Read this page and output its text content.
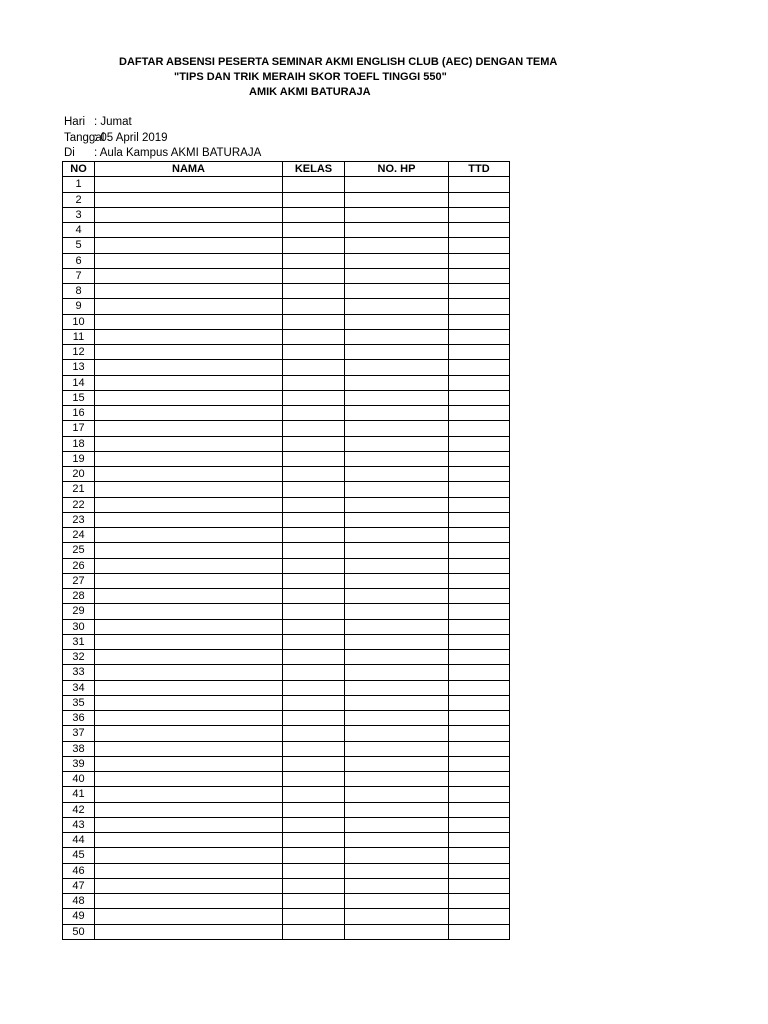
DAFTAR ABSENSI PESERTA SEMINAR AKMI ENGLISH CLUB (AEC) DENGAN TEMA
"TIPS DAN TRIK MERAIH SKOR TOEFL TINGGI 550"
AMIK AKMI BATURAJA
Hari : Jumat
Tanggal: 05 April 2019
Di : Aula Kampus AKMI BATURAJA
NO	NAMA	KELAS	NO. HP	TTD
1				
2				
3				
4				
5				
6				
7				
8				
9				
10				
11				
12				
13				
14				
15				
16				
17				
18				
19				
20				
21				
22				
23				
24				
25				
26				
27				
28				
29				
30				
31				
32				
33				
34				
35				
36				
37				
38				
39				
40				
41				
42				
43				
44				
45				
46				
47				
48				
49				
50				
